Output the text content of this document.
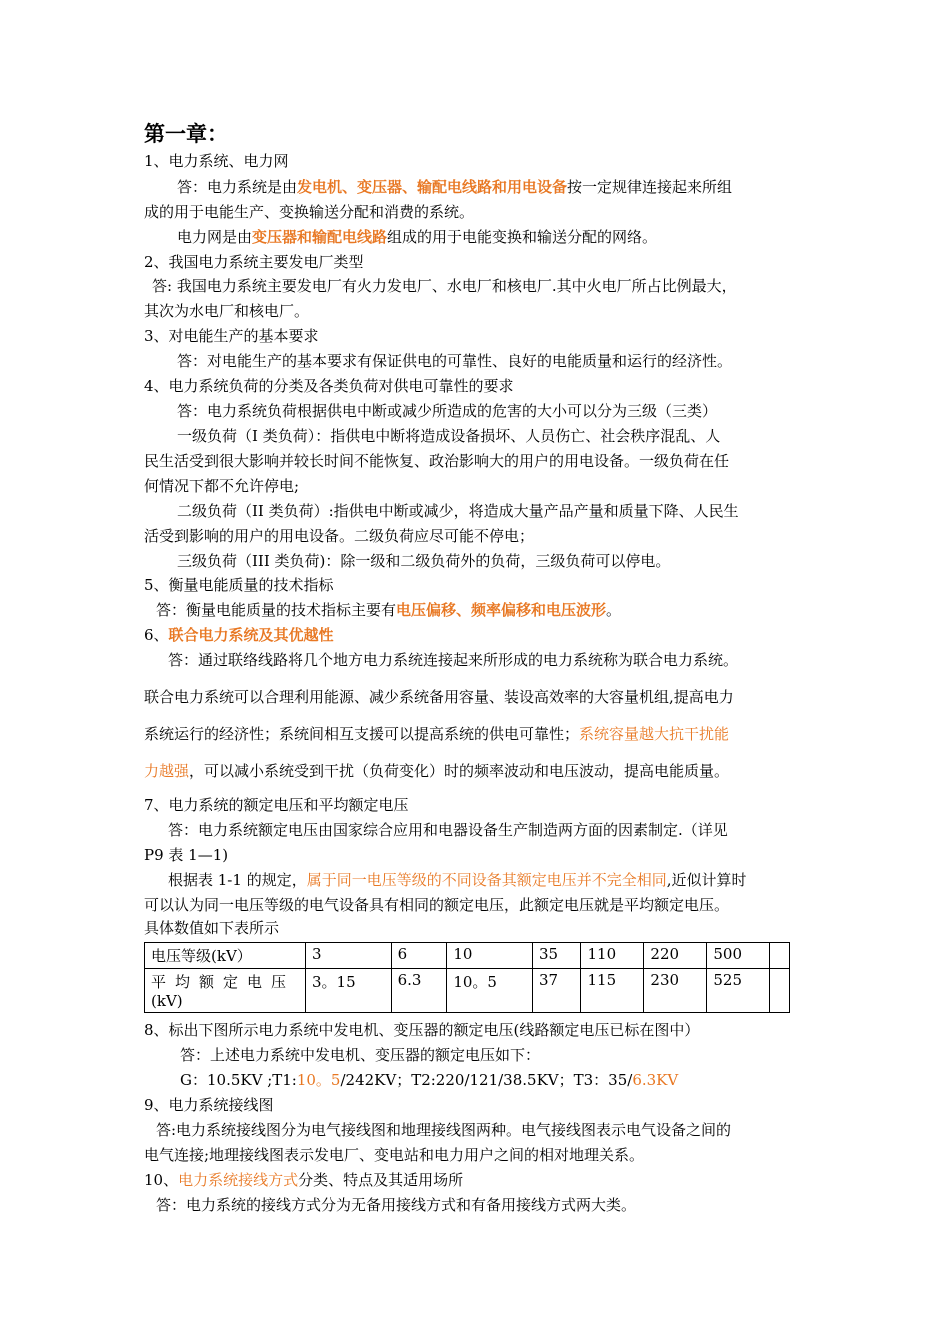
第一章：
1、电力系统、电力网
答：电力系统是由发电机、变压器、输配电线路和用电设备按一定规律连接起来所组
成的用于电能生产、变换输送分配和消费的系统。
电力网是由变压器和输配电线路组成的用于电能变换和输送分配的网络。
2、我国电力系统主要发电厂类型
答: 我国电力系统主要发电厂有火力发电厂、水电厂和核电厂.其中火电厂所占比例最大，
其次为水电厂和核电厂。
3、对电能生产的基本要求
答：对电能生产的基本要求有保证供电的可靠性、良好的电能质量和运行的经济性。
4、电力系统负荷的分类及各类负荷对供电可靠性的要求
答：电力系统负荷根据供电中断或减少所造成的危害的大小可以分为三级（三类）
一级负荷（I 类负荷）：指供电中断将造成设备损坏、人员伤亡、社会秩序混乱、人
民生活受到很大影响并较长时间不能恢复、政治影响大的用户的用电设备。一级负荷在任
何情况下都不允许停电;
二级负荷（II 类负荷）:指供电中断或减少，将造成大量产品产量和质量下降、人民生
活受到影响的用户的用电设备。二级负荷应尽可能不停电；
三级负荷（III 类负荷)：除一级和二级负荷外的负荷，三级负荷可以停电。
5、衡量电能质量的技术指标
答：衡量电能质量的技术指标主要有电压偏移、频率偏移和电压波形。
6、联合电力系统及其优越性
答：通过联络线路将几个地方电力系统连接起来所形成的电力系统称为联合电力系统。
联合电力系统可以合理利用能源、减少系统备用容量、装设高效率的大容量机组,提高电力
系统运行的经济性；系统间相互支援可以提高系统的供电可靠性；系统容量越大抗干扰能
力越强，可以减小系统受到干扰（负荷变化）时的频率波动和电压波动，提高电能质量。
7、电力系统的额定电压和平均额定电压
答：电力系统额定电压由国家综合应用和电器设备生产制造两方面的因素制定.（详见
P9 表 1—1)
根据表 1-1 的规定，属于同一电压等级的不同设备其额定电压并不完全相同,近似计算时
可以认为同一电压等级的电气设备具有相同的额定电压，此额定电压就是平均额定电压。
具体数值如下表所示
电压等级(kV）	3	6	10	35	110	220	500	

平均额定电压
(kV)	3。15	6.3	10。5	37	115	230	525	
8、标出下图所示电力系统中发电机、变压器的额定电压(线路额定电压已标在图中）
答：上述电力系统中发电机、变压器的额定电压如下：
G：10.5KV ;T1:10。5/242KV；T2:220/121/38.5KV；T3：35/6.3KV
9、电力系统接线图
答:电力系统接线图分为电气接线图和地理接线图两种。电气接线图表示电气设备之间的
电气连接;地理接线图表示发电厂、变电站和电力用户之间的相对地理关系。
10、电力系统接线方式分类、特点及其适用场所
答：电力系统的接线方式分为无备用接线方式和有备用接线方式两大类。
